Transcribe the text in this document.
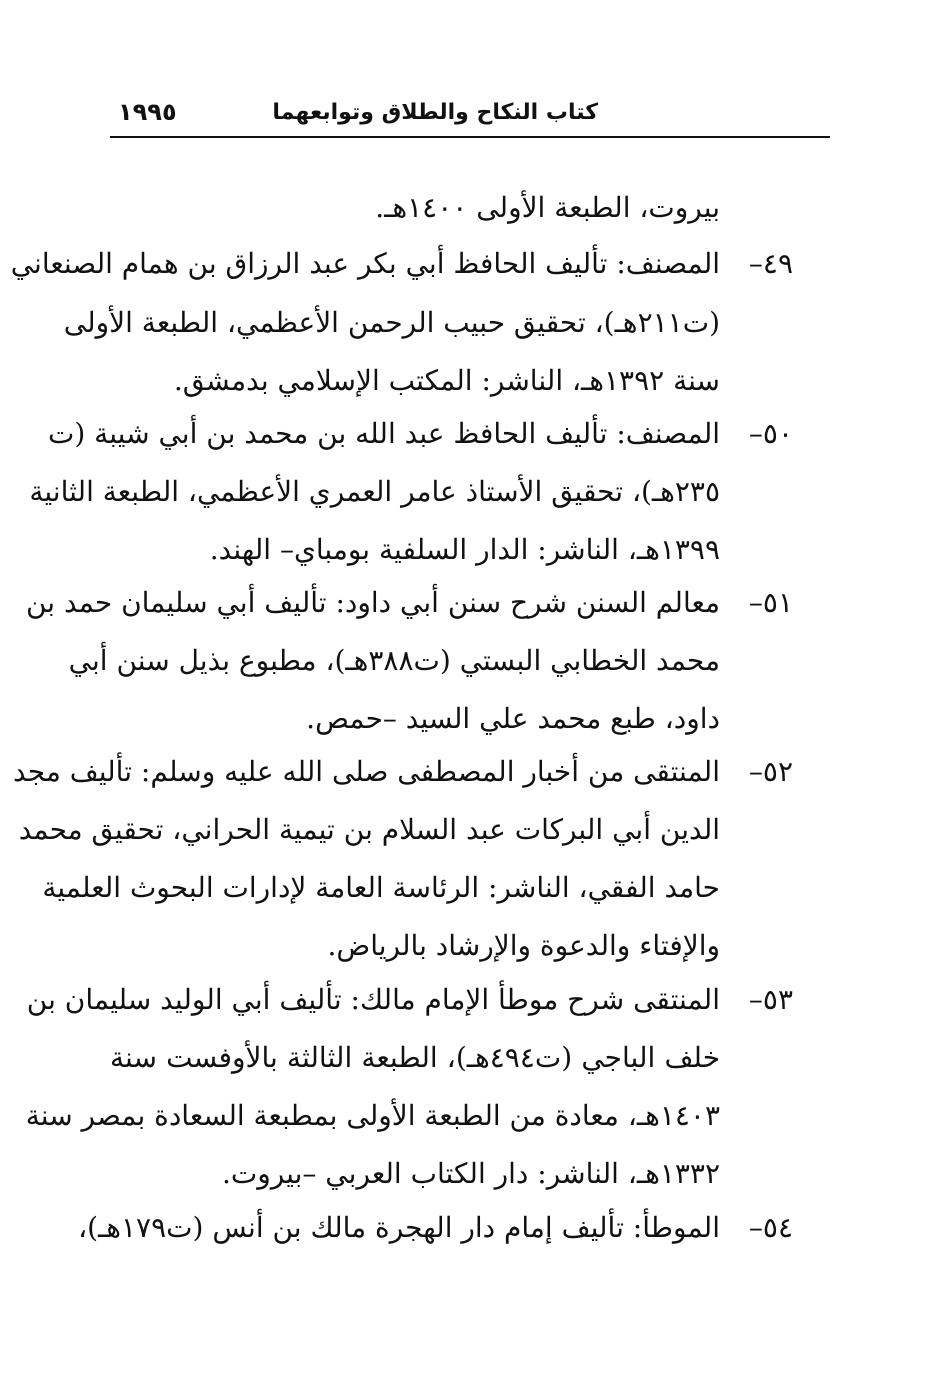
كتاب النكاح والطلاق وتوابعهما
١٩٩٥
بيروت، الطبعة الأولى ١٤٠٠هـ.
٤٩–
المصنف: تأليف الحافظ أبي بكر عبد الرزاق بن همام الصنعاني
(ت٢١١هـ)، تحقيق حبيب الرحمن الأعظمي، الطبعة الأولى
سنة ١٣٩٢هـ، الناشر: المكتب الإسلامي بدمشق.
٥٠–
المصنف: تأليف الحافظ عبد الله بن محمد بن أبي شيبة (ت
٢٣٥هـ)، تحقيق الأستاذ عامر العمري الأعظمي، الطبعة الثانية
١٣٩٩هـ، الناشر: الدار السلفية بومباي– الهند.
٥١–
معالم السنن شرح سنن أبي داود: تأليف أبي سليمان حمد بن
محمد الخطابي البستي (ت٣٨٨هـ)، مطبوع بذيل سنن أبي
داود، طبع محمد علي السيد –حمص.
٥٢–
المنتقى من أخبار المصطفى صلى الله عليه وسلم: تأليف مجد
الدين أبي البركات عبد السلام بن تيمية الحراني، تحقيق محمد
حامد الفقي، الناشر: الرئاسة العامة لإدارات البحوث العلمية
والإفتاء والدعوة والإرشاد بالرياض.
٥٣–
المنتقى شرح موطأ الإمام مالك: تأليف أبي الوليد سليمان بن
خلف الباجي (ت٤٩٤هـ)، الطبعة الثالثة بالأوفست سنة
١٤٠٣هـ، معادة من الطبعة الأولى بمطبعة السعادة بمصر سنة
١٣٣٢هـ، الناشر: دار الكتاب العربي –بيروت.
٥٤–
الموطأ: تأليف إمام دار الهجرة مالك بن أنس (ت١٧٩هـ)،
